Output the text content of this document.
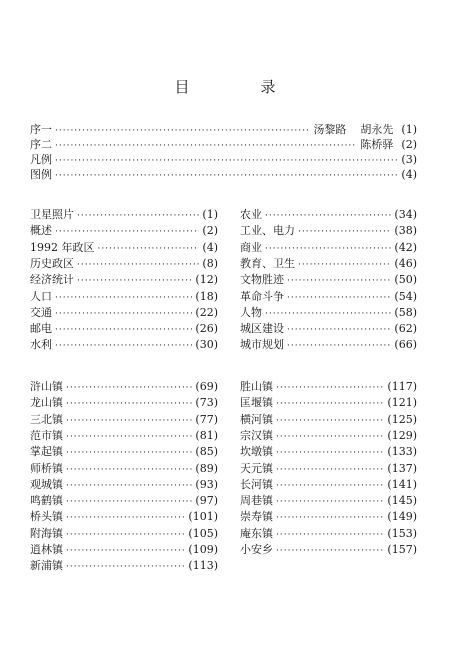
目　录
序一 ·····	汤黎路 胡永先 (1)
序二 ·····	陈桥驿 (2)
凡例 ·····	(3)
图例 ·····	(4)
卫星照片 ·····	(1)
概述 ·····	(2)
1992 年政区 ·····	(4)
历史政区 ·····	(8)
经济统计 ·····	(12)
人口 ·····	(18)
交通 ·····	(22)
邮电 ·····	(26)
水利 ·····	(30)
农业 ·····	(34)
工业、电力 ·····	(38)
商业 ·····	(42)
教育、卫生 ·····	(46)
文物胜迹 ·····	(50)
革命斗争 ·····	(54)
人物 ·····	(58)
城区建设 ·····	(62)
城市规划 ·····	(66)
浒山镇 ·····	(69)
龙山镇 ·····	(73)
三北镇 ·····	(77)
范市镇 ·····	(81)
掌起镇 ·····	(85)
师桥镇 ·····	(89)
观城镇 ·····	(93)
鸣鹤镇 ·····	(97)
桥头镇 ·····	(101)
附海镇 ·····	(105)
逍林镇 ·····	(109)
新浦镇 ·····	(113)
胜山镇 ·····	(117)
匡堰镇 ·····	(121)
横河镇 ·····	(125)
宗汉镇 ·····	(129)
坎墩镇 ·····	(133)
天元镇 ·····	(137)
长河镇 ·····	(141)
周巷镇 ·····	(145)
崇寿镇 ·····	(149)
庵东镇 ·····	(153)
小安乡 ·····	(157)
